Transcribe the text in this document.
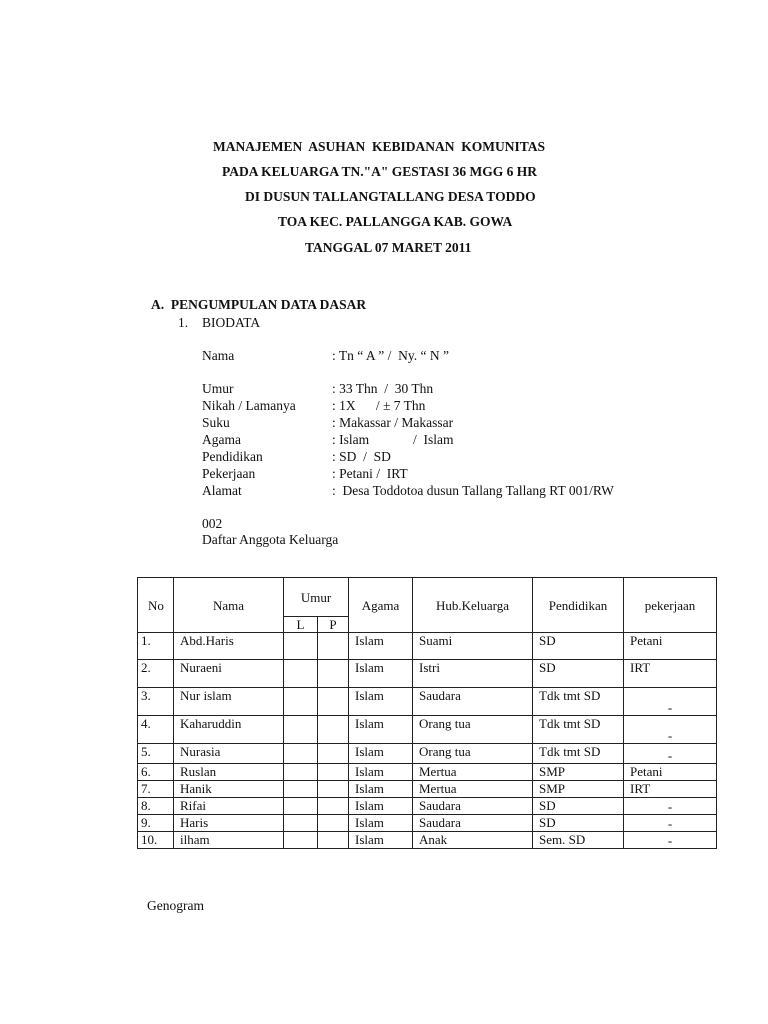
MANAJEMEN  ASUHAN  KEBIDANAN  KOMUNITAS
PADA KELUARGA TN."A" GESTASI 36 MGG 6 HR
DI DUSUN TALLANGTALLANG DESA TODDO
TOA KEC. PALLANGGA KAB. GOWA
TANGGAL 07 MARET 2011
A.  PENGUMPULAN DATA DASAR
1. BIODATA
Nama	: Tn “ A ” /  Ny. “ N ”
Umur	: 33 Thn  /  30 Thn
Nikah / Lamanya	: 1X      / ± 7 Thn
Suku	: Makassar / Makassar
Agama	: Islam             /  Islam
Pendidikan	: SD  /  SD
Pekerjaan	: Petani /  IRT
Alamat	:  Desa Toddotoa dusun Tallang Tallang RT 001/RW
002
Daftar Anggota Keluarga
No	Nama	Umur		Agama	Hub.Keluarga	Pendidikan	pekerjaan
		L	P				
1.	Abd.Haris			Islam	Suami	SD	Petani
2.	Nuraeni			Islam	Istri	SD	IRT
3.	Nur islam			Islam	Saudara	Tdk tmt SD	-
4.	Kaharuddin			Islam	Orang tua	Tdk tmt SD	-
5.	Nurasia			Islam	Orang tua	Tdk tmt SD	-
6.	Ruslan			Islam	Mertua	SMP	Petani
7.	Hanik			Islam	Mertua	SMP	IRT
8.	Rifai			Islam	Saudara	SD	-
9.	Haris			Islam	Saudara	SD	-
10.	ilham			Islam	Anak	Sem. SD	-
Genogram
